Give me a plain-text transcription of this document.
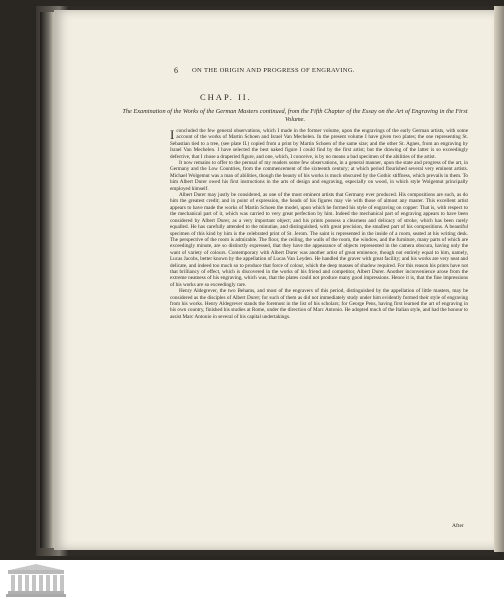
6 ON THE ORIGIN AND PROGRESS OF ENGRAVING.
CHAP. II.
The Examination of the Works of the German Masters continued, from the Fifth Chapter of the Essay on the Art of Engraving in the First Volume.

Iconcluded the few general observations, which I made in the former volume, upon the engravings of the early German artists, with some account of the works of Martin Schoen and Israel Van Mechelen. In the present volume I have given two plates; the one representing St. Sebastian tied to a tree, (see plate II.) copied from a print by Martin Schoen of the same size; and the other St. Agnes, from an engraving by Israel Van Mechelen. I have selected the best naked figure I could find by the first artist; but the drawing of the latter is so exceedingly defective, that I chose a draperied figure, and one, which, I conceive, is by no means a bad specimen of the abilities of the artist.

It now remains to offer to the perusal of my readers some few observations, in a general manner, upon the state and progress of the art, in Germany and the Low Countries, from the commencement of the sixteenth century; at which period flourished several very eminent artists. Michael Wolgemut was a man of abilities, though the beauty of his works is much obscured by the Gothic stiffness, which prevails in them. To him Albert Durer owed his first instructions in the arts of design and engraving, especially on wood, in which style Wolgemut principally employed himself.

Albert Durer may justly be considered, as one of the most eminent artists that Germany ever produced. His compositions are such, as do him the greatest credit; and in point of expression, the heads of his figures may vie with those of almost any master. This excellent artist appears to have made the works of Martin Schoen the model, upon which he formed his style of engraving on copper: That is, with respect to the mechanical part of it, which was carried to very great perfection by him. Indeed the mechanical part of engraving appears to have been considered by Albert Durer, as a very important object; and his prints possess a clearness and delicacy of stroke, which has been rarely equalled. He has carefully attended to the minutiae, and distinguished, with great precision, the smallest part of his compositions. A beautiful specimen of this kind by him is the celebrated print of St. Jerom. The saint is represented in the inside of a room, seated at his writing desk. The perspective of the room is admirable. The floor, the ceiling, the walls of the room, the window, and the furniture, many parts of which are exceedingly minute, are so distinctly expressed, that they have the appearance of objects represented in the camera obscura, having only the want of variety of colours. Contemporary with Albert Durer was another artist of great eminence, though not entirely equal to him, namely, Lucas Jacobs, better known by the appellation of Lucas Van Leyden. He handled the graver with great facility; and his works are very neat and delicate, and indeed too much so to produce that force of colour, which the deep masses of shadow required. For this reason his prints have not that brilliancy of effect, which is discovered in the works of his friend and competitor, Albert Durer. Another inconvenience arose from the extreme neatness of his engraving, which was, that the plates could not produce many good impressions. Hence it is, that the fine impressions of his works are so exceedingly rare.

Henry Aldegrever, the two Behams, and most of the engravers of this period, distinguished by the appellation of little masters, may be considered as the disciples of Albert Durer; for such of them as did not immediately study under him evidently formed their style of engraving from his works. Henry Aldegrever stands the foremost in the list of his scholars; for George Pens, having first learned the art of engraving in his own country, finished his studies at Rome, under the direction of Marc Antonio. He adopted much of the Italian style, and had the honour to assist Marc Antonio in several of his capital undertakings.

After
